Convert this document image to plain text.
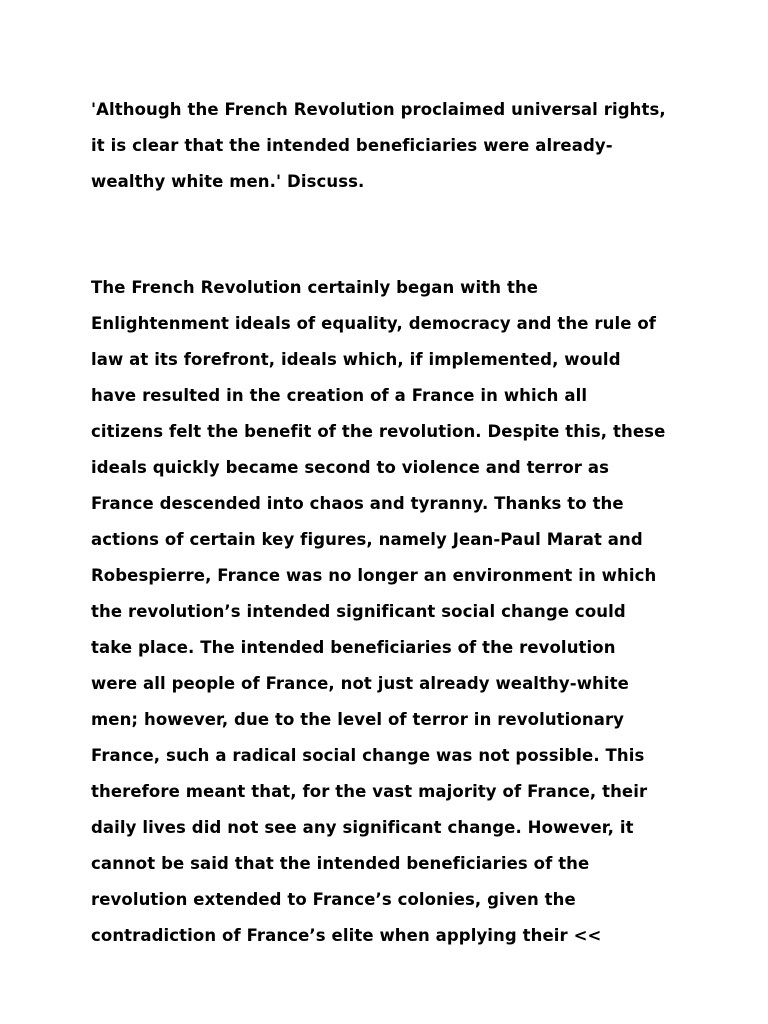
'Although the French Revolution proclaimed universal rights,
it is clear that the intended beneficiaries were already-
wealthy white men.' Discuss.
The French Revolution certainly began with the
Enlightenment ideals of equality, democracy and the rule of
law at its forefront, ideals which, if implemented, would
have resulted in the creation of a France in which all
citizens felt the benefit of the revolution. Despite this, these
ideals quickly became second to violence and terror as
France descended into chaos and tyranny. Thanks to the
actions of certain key figures, namely Jean-Paul Marat and
Robespierre, France was no longer an environment in which
the revolution’s intended significant social change could
take place. The intended beneficiaries of the revolution
were all people of France, not just already wealthy-white
men; however, due to the level of terror in revolutionary
France, such a radical social change was not possible. This
therefore meant that, for the vast majority of France, their
daily lives did not see any significant change. However, it
cannot be said that the intended beneficiaries of the
revolution extended to France’s colonies, given the
contradiction of France’s elite when applying their <<
